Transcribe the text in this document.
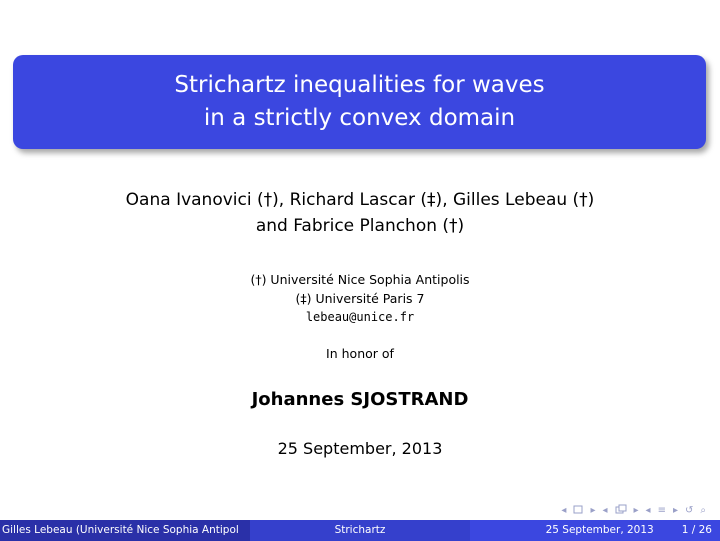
Strichartz inequalities for waves
in a strictly convex domain
Oana Ivanovici (†), Richard Lascar (‡), Gilles Lebeau (†)
and Fabrice Planchon (†)
(†) Université Nice Sophia Antipolis
(‡) Université Paris 7
lebeau@unice.fr
In honor of
Johannes SJOSTRAND
25 September, 2013
◂ ▸ ◂	▸ ◂ ≡ ▸ ↺ ⌕
Gilles Lebeau (Université Nice Sophia Antipol	Strichartz	25 September, 2013	1 / 26
